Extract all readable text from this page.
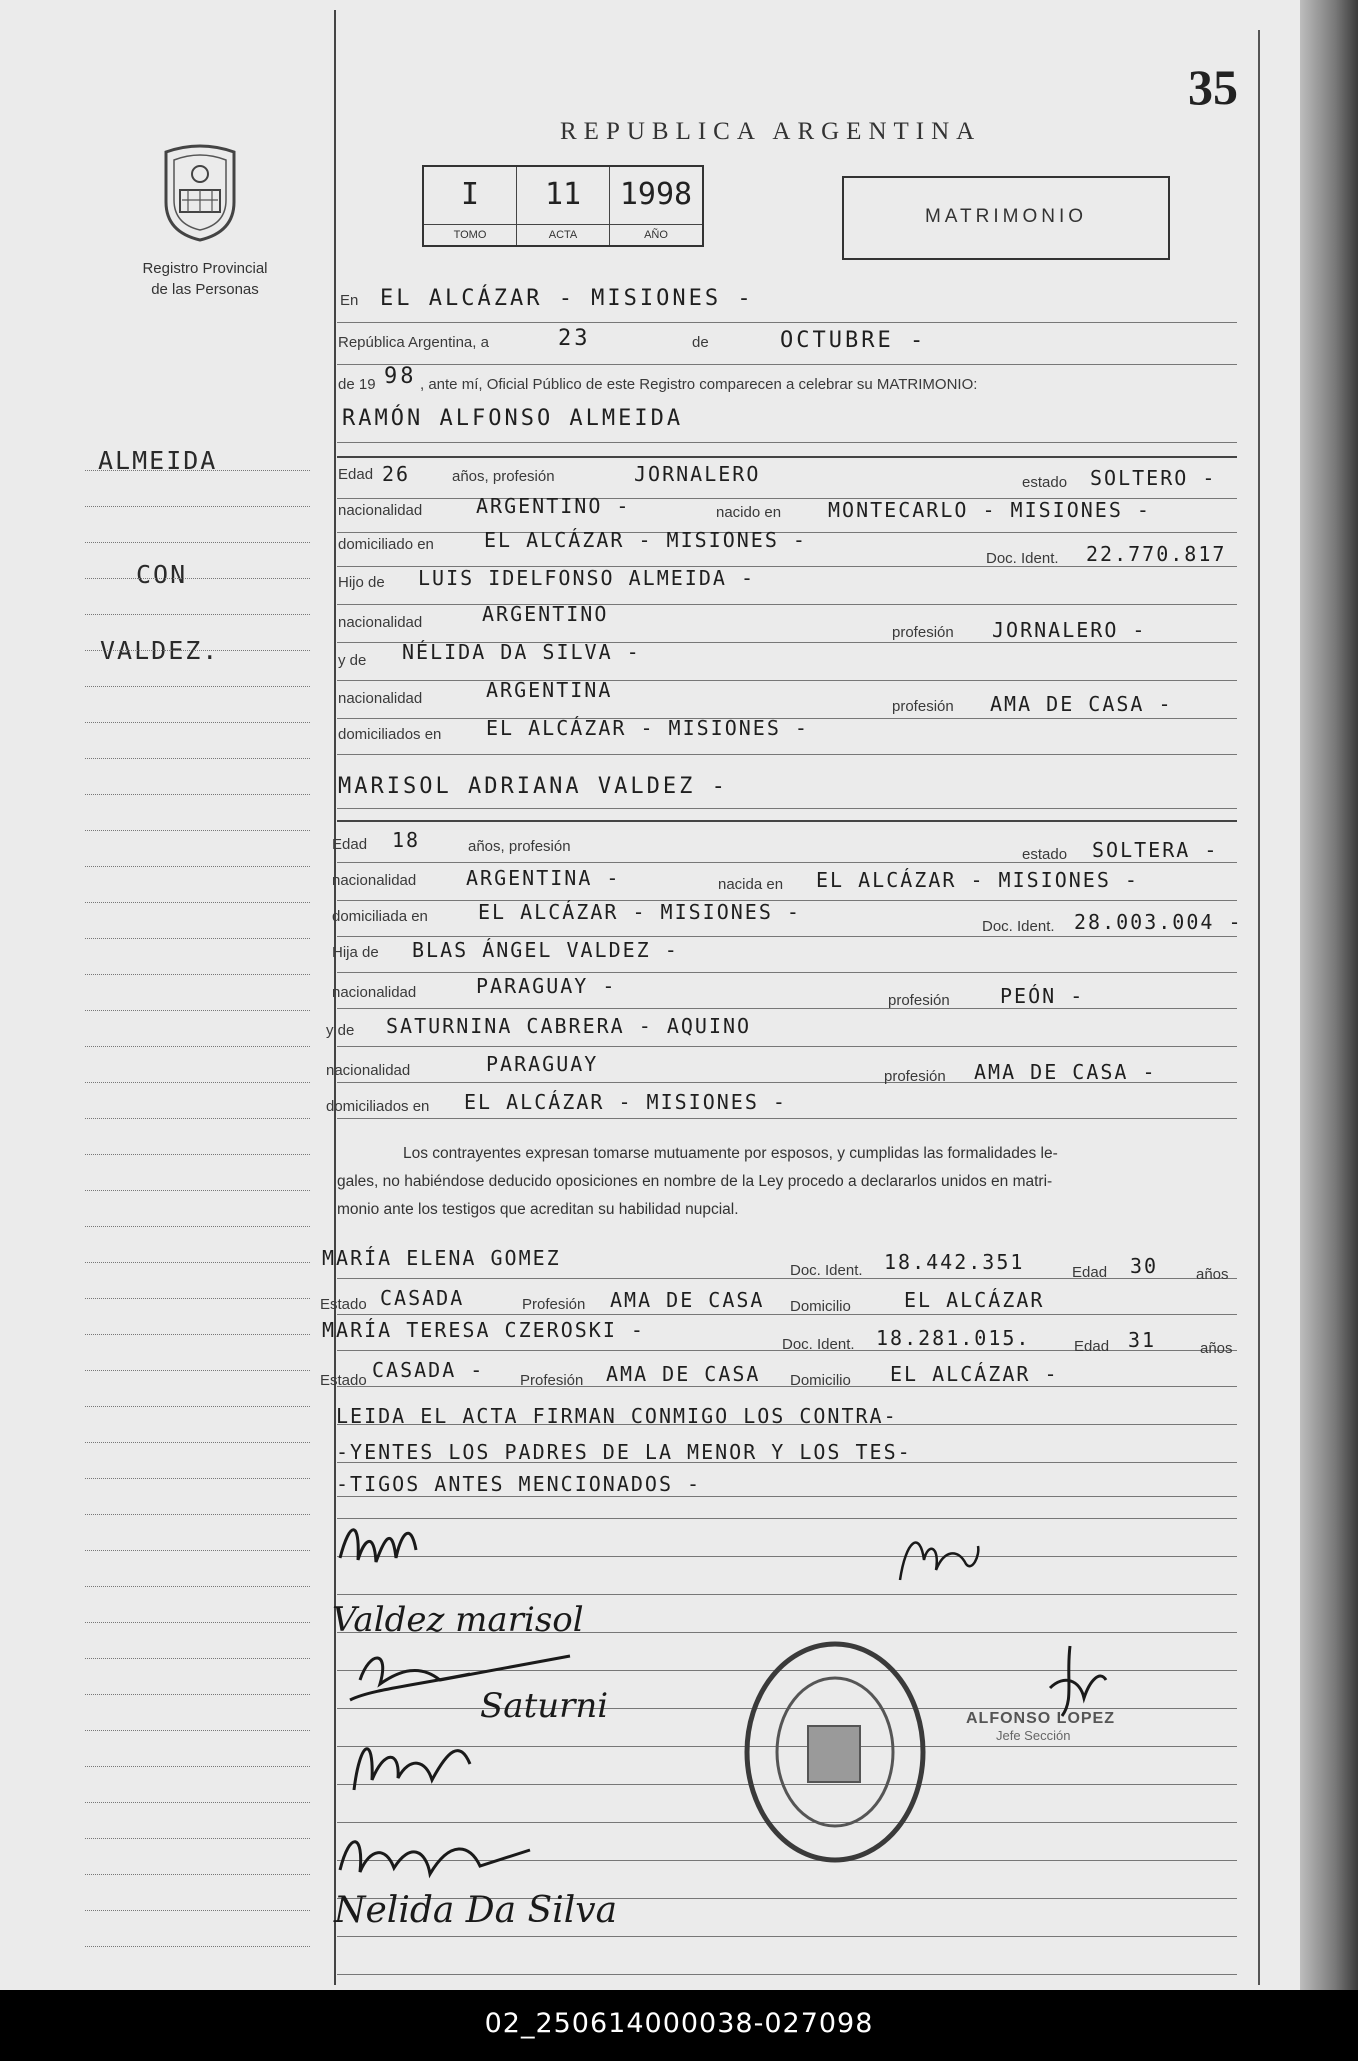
Registro Provincial
de las Personas
ALMEIDA
CON
VALDEZ.
35
REPUBLICA ARGENTINA
I
TOMO
11
ACTA
1998
AÑO
MATRIMONIO
En EL ALCÁZAR - MISIONES -
República Argentina, a	23	de	OCTUBRE -
de 19 98 , ante mí, Oficial Público de este Registro comparecen a celebrar su MATRIMONIO:
RAMÓN ALFONSO ALMEIDA
Edad 26	años, profesión	JORNALERO	estado SOLTERO -
nacionalidad	ARGENTINO -	nacido en MONTECARLO - MISIONES -
domiciliado en	EL ALCÁZAR - MISIONES -
Doc. Ident. 22.770.817
Hijo de LUIS IDELFONSO ALMEIDA -
nacionalidad	ARGENTINO
profesión JORNALERO -
y de NÉLIDA DA SILVA -
nacionalidad	ARGENTINA
profesión AMA DE CASA -
domiciliados en EL ALCÁZAR - MISIONES -
MARISOL ADRIANA VALDEZ -
Edad 18	años, profesión	estado SOLTERA -
nacionalidad ARGENTINA -	nacida en EL ALCÁZAR - MISIONES -
domiciliada en	EL ALCÁZAR - MISIONES -
Doc. Ident. 28.003.004 -
Hija de BLAS ÁNGEL VALDEZ -
nacionalidad	PARAGUAY -
profesión	PEÓN -
y de SATURNINA CABRERA - AQUINO
nacionalidad	PARAGUAY
profesión AMA DE CASA -
domiciliados en EL ALCÁZAR - MISIONES -
Los contrayentes expresan tomarse mutuamente por esposos, y cumplidas las formalidades le-
gales, no habiéndose deducido oposiciones en nombre de la Ley procedo a declararlos unidos en matri-
monio ante los testigos que acreditan su habilidad nupcial.
MARÍA ELENA GOMEZ
Doc. Ident. 18.442.351	Edad 30	años
Estado CASADA	Profesión AMA DE CASA Domicilio	EL ALCÁZAR
MARÍA TERESA CZEROSKI -
Doc. Ident. 18.281.015.	Edad 31	años
Estado CASADA - Profesión AMA DE CASA Domicilio EL ALCÁZAR -
LEIDA EL ACTA FIRMAN CONMIGO LOS CONTRA-
-YENTES LOS PADRES DE LA MENOR Y LOS TES-
-TIGOS ANTES MENCIONADOS -
Valdez marisol
Saturni
Nelida Da Silva
ALFONSO LOPEZ
Jefe Sección
02_250614000038-027098
